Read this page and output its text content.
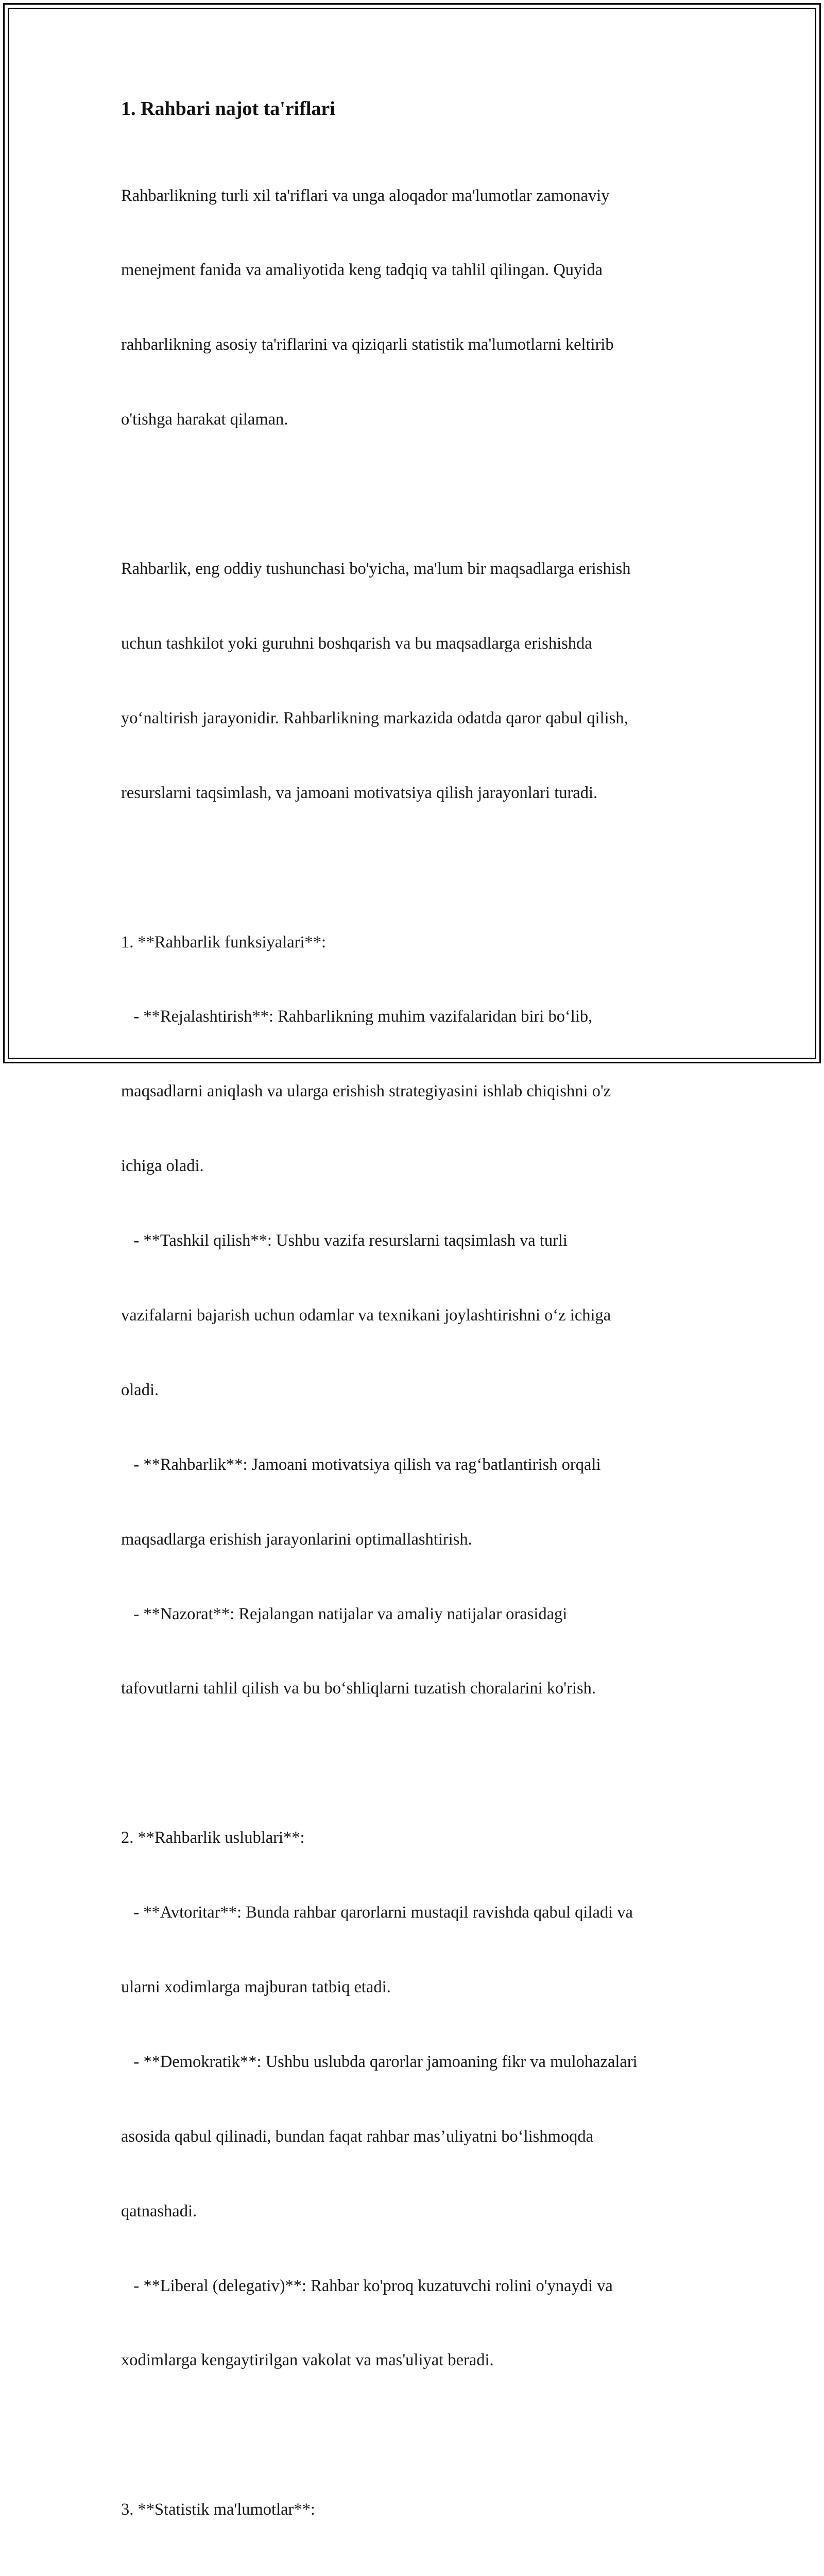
1. Rahbari najot ta'riflari

Rahbarlikning turli xil ta'riflari va unga aloqador ma'lumotlar zamonaviy

menejment fanida va amaliyotida keng tadqiq va tahlil qilingan. Quyida

rahbarlikning asosiy ta'riflarini va qiziqarli statistik ma'lumotlarni keltirib

o'tishga harakat qilaman.

Rahbarlik, eng oddiy tushunchasi bo'yicha, ma'lum bir maqsadlarga erishish

uchun tashkilot yoki guruhni boshqarish va bu maqsadlarga erishishda

yo‘naltirish jarayonidir. Rahbarlikning markazida odatda qaror qabul qilish,

resurslarni taqsimlash, va jamoani motivatsiya qilish jarayonlari turadi.

1. **Rahbarlik funksiyalari**:

- **Rejalashtirish**: Rahbarlikning muhim vazifalaridan biri bo‘lib,

maqsadlarni aniqlash va ularga erishish strategiyasini ishlab chiqishni o'z

ichiga oladi.

- **Tashkil qilish**: Ushbu vazifa resurslarni taqsimlash va turli

vazifalarni bajarish uchun odamlar va texnikani joylashtirishni o‘z ichiga

oladi.

- **Rahbarlik**: Jamoani motivatsiya qilish va rag‘batlantirish orqali

maqsadlarga erishish jarayonlarini optimallashtirish.

- **Nazorat**: Rejalangan natijalar va amaliy natijalar orasidagi

tafovutlarni tahlil qilish va bu bo‘shliqlarni tuzatish choralarini ko'rish.

2. **Rahbarlik uslublari**:

- **Avtoritar**: Bunda rahbar qarorlarni mustaqil ravishda qabul qiladi va

ularni xodimlarga majburan tatbiq etadi.

- **Demokratik**: Ushbu uslubda qarorlar jamoaning fikr va mulohazalari

asosida qabul qilinadi, bundan faqat rahbar mas’uliyatni bo‘lishmoqda

qatnashadi.

- **Liberal (delegativ)**: Rahbar ko'proq kuzatuvchi rolini o'ynaydi va

xodimlarga kengaytirilgan vakolat va mas'uliyat beradi.

3. **Statistik ma'lumotlar**:
